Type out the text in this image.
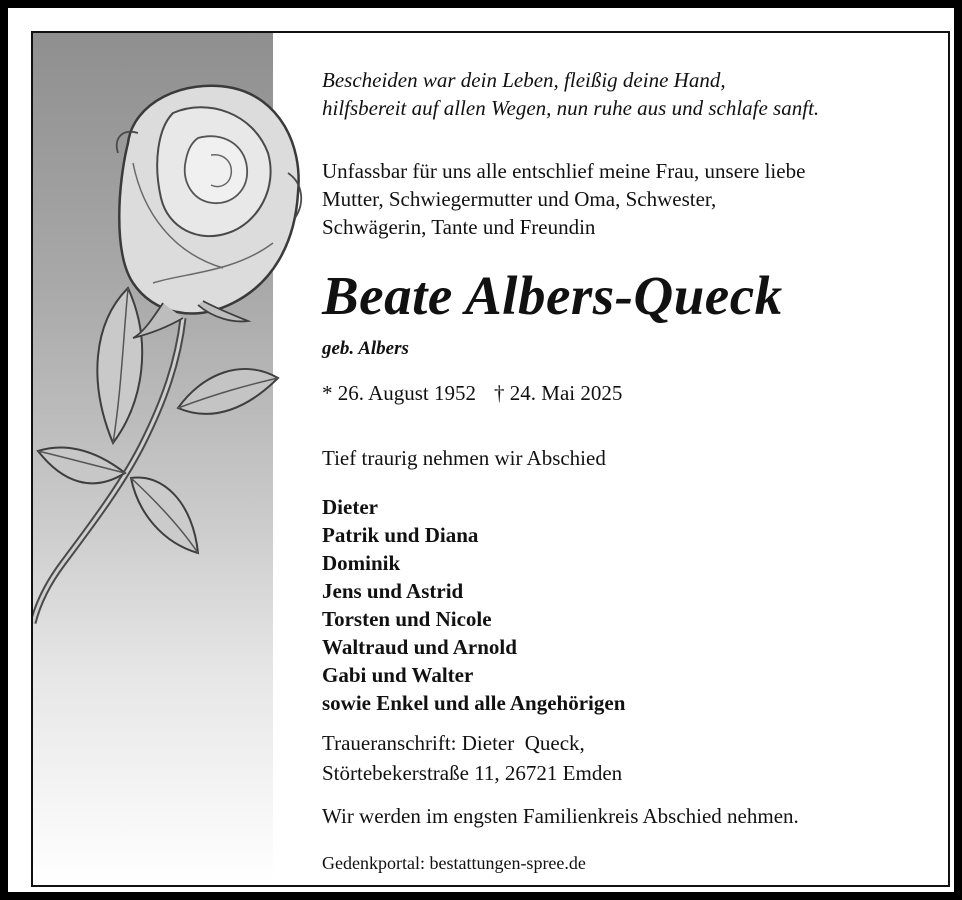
Bescheiden war dein Leben, fleißig deine Hand,
hilfsbereit auf allen Wegen, nun ruhe aus und schlafe sanft.
Unfassbar für uns alle entschlief meine Frau, unsere liebe
Mutter, Schwiegermutter und Oma, Schwester,
Schwägerin, Tante und Freundin
Beate Albers-Queck
geb. Albers
* 26. August 1952 † 24. Mai 2025
Tief traurig nehmen wir Abschied
Dieter
Patrik und Diana
Dominik
Jens und Astrid
Torsten und Nicole
Waltraud und Arnold
Gabi und Walter
sowie Enkel und alle Angehörigen
Traueranschrift: Dieter  Queck,
Störtebekerstraße 11, 26721 Emden
Wir werden im engsten Familienkreis Abschied nehmen.
Gedenkportal: bestattungen-spree.de
